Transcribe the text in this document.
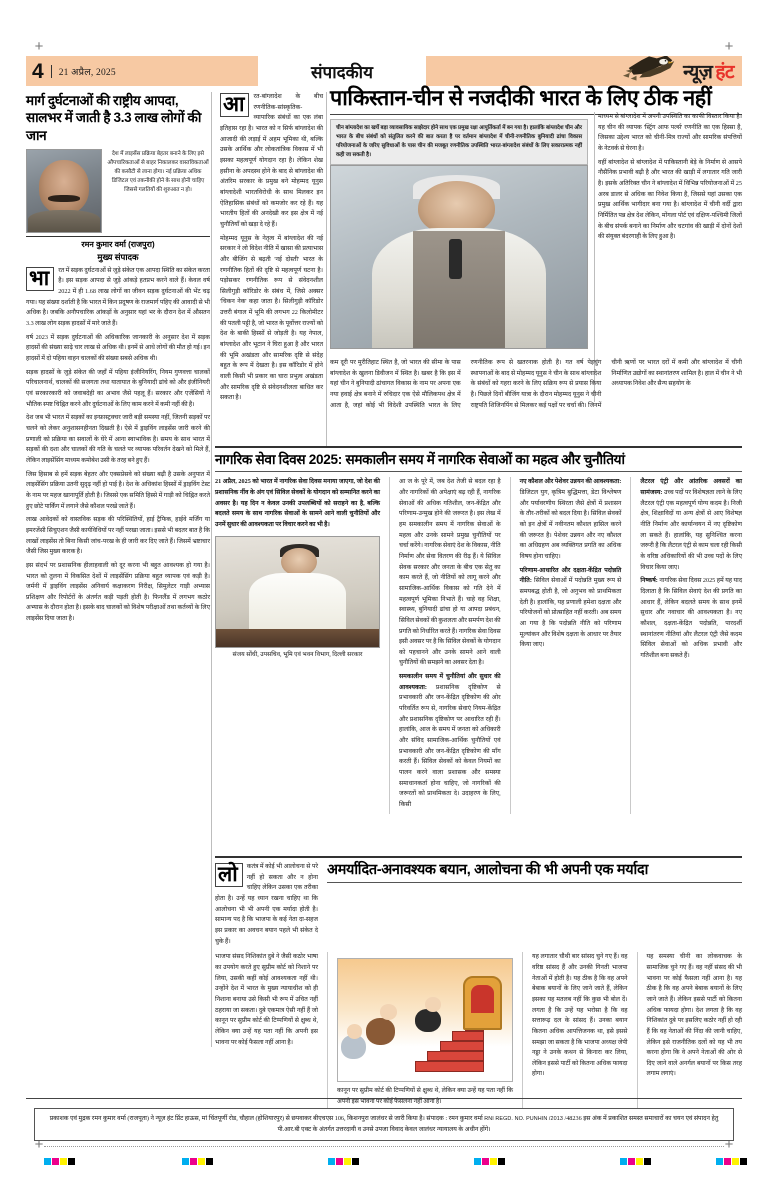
+	+
+	+
4	21 अप्रैल, 2025	संपादकीय	न्यूज़ हंट
मार्ग दुर्घटनाओं की राष्ट्रीय आपदा, सालभर में जाती है 3.3 लाख लोगों की जान
देश में लाइसेंस प्रक्रिया बेहतर बनाने के लिए इसे औपचारिकताओं से बाहर निकालकर वास्तविकताओं की कसौटी से लाना होगा। नई प्रक्रिया अधिक डिजिटल एवं तकनीकी होने के साथ होनी चाहिए जिससे गलतियों की शुरुआत न हो।
रमन कुमार वर्मा (राजपुरा)
मुख्य संपादक
भा	रत में सड़क दुर्घटनाओं से जुड़े संकेत एक आपदा स्थिति का संकेत करता है। इस सड़क आपदा से जुड़े आंकड़े हतप्रभ करने वाले हैं। केवल वर्ष 2022 में ही 1.68 लाख लोगों का जीवन सड़क दुर्घटनाओं की भेंट चढ़ गया। यह संख्या दर्शाती है कि भारत में किन प्रदूषण के राजमार्ग पहिए की आवादी से भी अधिक है। जबकि अनौपचारिक आंकड़ों के अनुसार यहां भर के दौरान देश में औसतन 3.3 लाख लोग सड़क हादसों में मारे जाते हैं।

वर्ष 2023 में सड़क दुर्घटनाओं की अधिकारिक जानकारी के अनुसार देश में सड़क हादसों की संख्या साढ़े चार लाख से अधिक थी। इनमें से आधे लोगों की मौत हो गई। इन हादसों में दो पहिया वाहन चालकों की संख्या सबसे अधिक थी।

सड़क हादसों के जुड़े संकेत की जहाँ में पहिया इंजीनियरिंग, नियम गुणवत्ता चालकों परिचालनार्थ, चालकों की सजगता तथा यातायात के बुनियादी ढांचे को और इंजीनियरी एवं सरकारकारी को जवाबदेही का अभाव जैसे पहलू हैं। सरकार और एजेंसियों ने भौतिक स्पष्ट चिह्नित करने और दुर्घटनाओं के लिए काम करने में कमी नहीं की है।

देश जब भी भारत में सड़कों का इन्फ्रास्ट्रक्चर जारी बड़ी समस्या नहीं, जितनी सड़कों पर चलने को लेकर अनुशासनहीनता दिखती है। ऐसे में ड्राइविंग लाइसेंस जारी करने की प्रणाली को प्रक्रिया का सवालों के घेरे में आना स्वाभाविक है। समय के साथ भारत में सड़कों की दशा और चालकों की गति के चलते पर व्यापक परिवर्तन देखने को मिले हैं, लेकिन लाइसेंसिंग माध्यम कमोबेश उसी के तरह बने हुए हैं।

जिस हिसाब से हमें सड़क बेहतर और एक्सप्रेसवे को संख्या बढ़ी है उसके अनुपात में लाइसेंसिंग प्रक्रिया उतनी सुदृढ़ नहीं हो पाई है। देश के अधिकांश हिस्सों में ड्राइविंग टेस्ट के नाम पर महज खानापूर्ति होती है। जिससे एक समिति हिस्से में गाड़ी को चिह्नित करते हुए छोटे पार्किंग में लगाने जैसे कौशल परखे जाते हैं।

लाख आवेदकों को वास्तविक सड़क की परिस्थितियों, हाई ट्रैफिक, हाईवे मर्जिंग या इमरजेंसी सिचुएशन जैसी कार्यविधियों पर नहीं परखा जाता। इससे भी बदतर बात है कि लाखों लाइसेंस तो बिना किसी जांच-परख के ही जारी कर दिए जाते हैं। जिसमें भ्रष्टाचार जैसी जिस मुख्य कारक है।

इस संदर्भ पर प्रशासनिक हीलाहवाली को दूर करना भी बहुत आवश्यक हो गया है। भारत को तुलना में विकसित देशों में लाइसेंसिंग प्रक्रिया बहुत व्यापक एवं कड़ी है। जर्मनी में ड्राइविंग लाइसेंस अनिवार्य कक्षाकरण निरीक्ष, सिमुलेटर गाड़ी अभ्यास प्रशिक्षण और रिपोर्टरों के अंतर्गत कड़ी पड़ती होती है। फिनलैंड में लगभग कठोर अभ्यास के दौरान होता है। इसके बाद चालकों को विशेष परीक्षाओं तथा कर्तव्यों के लिए लाइसेंस दिया जाता है।

आ	रत-बांग्लादेश के बीच रणनीतिक-सांस्कृतिक-व्यापारिक संबंधों का एक लंबा इतिहास रहा है। भारत को न सिर्फ बांग्लादेश की आजादी की लड़ाई में अहम भूमिका थी, बल्कि उसके आर्थिक और लोकतांत्रिक विकास में भी इसका महत्वपूर्ण योगदान रहा है। लेकिन शेख हसीना के अपदस्थ होने के बाद से बांग्लादेश की अंतरिम सरकार के प्रमुख बने मोहम्मद यूनुस बांग्लादेशी भारतविरोधी के साथ मिलकर इन ऐतिहासिक संबंधों को कमजोर कर रहे हैं। यह भारतीय हितों की अनदेखी कर इस क्षेत्र में नई चुनौतियाँ को खड़ा दे रहे हैं।

मोहम्मद यूनुस के नेतृत्व में बांग्लादेश की नई सरकार ने लो विदेश नीति में खासा की प्रत्याभास और बीजिंग से बढ़ती 'नई दोस्ती' भारत के रणनीतिक हितों की दृष्टि से महत्वपूर्ण घटना है। पड़ोसकर रणनीतिक रूप से संवेदनशील सिलीगुड़ी कॉरिडोर के संबंध में, जिसे अक्सर 'चिकन नेक' कहा जाता है। सिलीगुड़ी कॉरिडोर उत्तरी बंगाल में भूमि की लगभग 22 किलोमीटर की पतली पट्टी है, जो भारत के पूर्वोत्तर राज्यों को देश के बाकी हिस्सों से जोड़ती है। यह नेपाल, बांग्लादेश और भूटान ने घिरा हुआ है और भारत की भूमि अखंडता और सामरिक दृष्टि से संदेह बहुत के रूप में देखता है। इस कॉरिडोर में होने वाली किसी भी प्रकार का चारा प्रभुत्व अखंडता और सामरिक दृष्टि से संवेदनशीलता बाधित कर सकता है।

पाकिस्तान-चीन से नजदीकी भारत के लिए ठीक नहीं
चीन बांग्लादेश का खर्चे बड़ा व्यावसायिक साझेदार होने साथ एक प्रमुख रक्षा आपूर्तिकर्ता में बन गया है। हालांकि बांग्लादेश चीन और भारत के बीच संबंधों को संतुलित करने की बात करता है पर वर्तमान बांग्लादेश में चीनी-रणनीतिक बुनियादी ढांचा विकास परियोजनाओं के जरिए सुविधाओं के पास चीन की मजबूत रणनीतिक उपस्थिति भारत-बांग्लादेश संबंधों के लिए सकारात्मक नहीं कही जा सकती है।

माध्यम से बांग्लादेश में अपनी उपस्थिति का काफी विस्तार किया है। यह चीन की व्यापक 'स्ट्रिंग आफ पर्ल्स' रणनीति का एक हिस्सा है, जिसका उद्देश्य भारत को चीनी-मित्र राज्यों और सामरिक संपत्तियों के नेटवर्क से घेरना है।

वहीं बांग्लादेश से बांग्लादेश में पाकिस्तानी बेड़े के निर्माण से आसपे नौसैनिक प्रभावी बढ़ी है और भारत की खाड़ी में लगातार गति जारी है। इसके अतिरिक्त चीन ने बांग्लादेश में विभिन्न परियोजनाओं में 25 अरब डालर से अधिक का निवेश किया है, जिससे यहां उसका एक प्रमुख आर्थिक भागीदार बना गया है। बांग्लादेश में चीनी वर्दी द्वारा निर्मितित पन्न क्षेत्र देश लेकिन, मोंगला पोर्ट एवं दक्षिण-पश्चिमी जिलों के बीच संपर्क बनाने का निर्माण और चटगांव की खाड़ी में दोनों देशों की संयुक्त बंदरगाही के लिए हुआ है।

कम दूरी पर मुरीतिहाट स्थित है, जो भारत की सीमा के पास बांग्लादेश के खुलना डिवीजन में स्थित है। खबर है कि इस में यहां चीन ने बुनियादी ढांचागत विकास के नाम पर अपना एक नया हवाई क्षेत्र बनाने में रुचिदार एक ऐसे मौलिकपथ क्षेत्र में आता है, जहां कोई भी विदेशी उपस्थिति भारत के लिए रणनीतिक रूप से खतरनाक होती है। गत वर्ष पेइचुंग स्थापनाओं के बाद से मोहम्मद यूनुस ने चीन के साथ बांग्लादेश के संबंधों को गहरा करने के लिए सक्रिय रूप से प्रयास किया है। पिछले दिनों बीजिंग यात्रा के दौरान मोहम्मद यूनुस ने चीनी राष्ट्रपति शिजिनपिंग से मिलकर कई पक्षों पर चर्चा की। जिनमें चीनी ऋणों पर भारत दरों में कमी और बांग्लादेश में चीनी निर्माणित उद्योगों का स्थानांतरण शामिल है। हाल में चीन ने भी अध्यापक निवेश और सैन्य सहयोग के

नागरिक सेवा दिवस 2025: समकालीन समय में नागरिक सेवाओं का महत्व और चुनौतियां
21 अप्रैल, 2025 को भारत में नागरिक सेवा दिवस मनाया जाएगा, जो देश की प्रशासनिक नींव के अंग एवं सिविल सेवकों के योगदान को सम्मानित करने का अवसर है। यह दिन न केवल उनकी उपलब्धियों को सराहने का है, बल्कि बदलते समय के साथ नागरिक सेवाओं के सामने आने वाली चुनौतियों और उनमें सुधार की आवश्यकता पर विचार करने का भी है।
संजय सोंधी, उपसचिव, भूमि एवं भवन विभाग, दिल्ली सरकार

आ ज के पूरे में, जब देश तेजी से बदल रहा है और नागरिकों की अपेक्षाएं बढ़ रही हैं, नागरिक सेवाओं की अधिक गतिशील, जन-केंद्रित और परिणाम-उन्मुख होने की जरूरत है। इस लेख में हम समकालीन समय में नागरिक सेवाओं के महत्व और उनके सामने प्रमुख चुनौतियों पर चर्चा करेंगे। नागरिक सेवाएं देश के विकास, नीति निर्माण और सेवा वितरण की रीढ़ हैं। ये सिविल सेवक सरकार और जनता के बीच एक सेतु का काम करते हैं, जो नीतियों को लागू करने और सामाजिक-आर्थिक विकास को गति देने में महत्वपूर्ण भूमिका निभाते हैं। चाहे वह शिक्षा, स्वास्थ्य, बुनियादी ढांचा हो या आपदा प्रबंधन, सिविल सेवकों की कुशलता और समर्पण देश की प्रगति को निर्धारित करते हैं। नागरिक सेवा दिवस इसी अवसर पर है कि सिविल सेवकों के योगदान को पहचानने और उनके सामने आने वाली चुनौतियों की समझने का अवसर देता है।

समकालीन समय में चुनौतियां और सुधार की आवश्यकता: प्रशासनिक दृष्टिकोण से प्रभावकारी और जन-केंद्रित दृष्टिकोण की ओर परिवर्तित रूप से, नागरिक सेवाएं नियम-केंद्रित और प्रशासनिक दृष्टिकोण पर आधारित रही हैं। हालांकि, आज के समय में जनता को अधिकारी और संविद सामाजिक-आर्थिक चुनौतियों एवं प्रभावकारी और जन-केंद्रित दृष्टिकोण की माँग करती हैं। सिविल सेवकों को केवल नियमों का पालन करने वाला प्रशासक और समस्या समाधानकर्ता होना चाहिए, जो नागरिकों की जरूरतों को प्राथमिकता दे। उदाहरण के लिए, किसी

नए कौशल और पेशेवर उन्नयन की आवश्यकता: डिजिटल युग, कृत्रिम बुद्धिमत्ता, डेटा विश्लेषण और पर्यावरणीय स्थिरता जैसे क्षेत्रों में प्रशासन के तौर-तरीकों को बदल दिया है। सिविल सेवकों को इन क्षेत्रों में नवीनतम कौशल हासिल करने की जरूरत है। पेशेवर उन्नयन और नए कौशल का अधिग्रहण अब व्यक्तिगत प्रगति का अधिक विषय होना चाहिए।

परिणाम-आधारित और दक्षता-केंद्रित पदोन्नति नीति: सिविल सेवाओं में पदोन्नति मुख्य रूप से समयबद्ध होती है, जो अनुभव को प्राथमिकता देती है। हालांकि, यह प्रणाली हमेशा दक्षता और परियोजनों को प्रोत्साहित नहीं करती। अब समय आ गया है कि पदोन्नति नीति को परिणाम मूल्यांकन और विशेष दक्षता के आधार पर तैयार किया जाए।

लैटरल एंट्री और आंतरिक अवसरों का सामंजस्य: उच्च पदों पर विशेषज्ञता लाने के लिए लैटरल एंट्री एक महत्वपूर्ण योग्य कदम है। निजी क्षेत्र, शिक्षाविदों या अन्य क्षेत्रों से आए विशेषज्ञ नीति निर्माण और कार्यान्वयन में नए दृष्टिकोण ला सकते हैं। हालांकि, यह सुनिश्चित करना जरूरी है कि लैटरल एंट्री से काम चला रही किसी के वरिष्ठ अधिकारियों की भी उच्च पदों के लिए विचार किया जाए।

निष्कर्ष: नागरिक सेवा दिवस 2025 हमें यह याद दिलाता है कि सिविल सेवाएं देश की प्रगति का आधार हैं, लेकिन बदलते समय के साथ इनमें सुधार और नवाचार की आवश्यकता है। नए कौशल, दक्षता-केंद्रित पदोन्नति, पारदर्शी स्थानांतरण नीतियां और लैटरल एंट्री जैसे कदम सिविल सेवाओं को अधिक प्रभावी और गतिशील बना सकते हैं।

लो	कतंत्र में कोई भी आलोचना से परे नहीं हो सकता और न होना चाहिए लेकिन उसका एक तरीका होता है। उन्हें यह ध्यान रखना चाहिए था कि आलोचना भी भी अपनी एक मर्यादा होती है। सामान्य पद है कि भाजपा के कई नेता दा-सहज इस प्रकार का अवचन बयान पहले भी संकेत दे चुके हैं।
अमर्यादित-अनावश्यक बयान, आलोचना की भी अपनी एक मर्यादा

भाजपा संसद निशिकांत दुबे ने जैसी कठोर भाषा का उपयोग करते हुए सुप्रीम कोर्ट को निशाने पर लिया, उसकी कहीं कोई आवश्यकता नहीं थी। उन्होंने देश में भारत के मुख्य न्यायाधीश को ही निशाना बनाया उसे किसी भी रूप में उचित नहीं ठहराया जा सकता। दुबे एकमात्र ऐसी नहीं हैं जो कानून पर सुप्रीम कोर्ट की टिप्पणियों से क्षुब्ध थे, लेकिन क्या उन्हें यह पता नहीं कि अपनी इस भावना पर कोई फैसला नहीं आना है।

कानून पर सुप्रीम कोर्ट की टिप्पणियों से क्षुब्ध थे, लेकिन क्या उन्हें यह पता नहीं कि अपनी इस भावना पर कोई फैसलना नहीं आना है।

यह लगातार चौथी बार सांसद चुने गए हैं। वह वरिष्ठ सांसद हैं और उनकी गिनती भाजपा नेताओं में होती है। यह ठीक है कि वह अपने बेबाक बयानों के लिए जाने जाते हैं, लेकिन इसका यह मतलब नहीं कि कुछ भी बोल दें। लगता है कि उन्हें यह भरोसा है कि वह सत्तारूढ़ दल के सांसद हैं। उनका बयान कितना अधिक आपत्तिजनक था, इसे इससे समझा जा सकता है कि भाजपा अध्यक्ष जेपी नड्डा ने उनके कथन से किनारा कर लिया, लेकिन इससे पार्टी को कितना अधिक फायदा होगा।

यह समस्या चीनी का लोकवाचक के सामाजिक चुने गए हैं। वह नहीं संसद की भी भावना पर कोई फैसला नहीं आना है। यह ठीक है कि वह अपने बेबाक बयानों के लिए जाने जाते हैं। लेकिन इससे पार्टी को कितना अधिक फायदा होगा। देश लगता है कि वह निशिकांत दुबे पर इसलिए कठोर नहीं हो रही हैं कि वह नेताओं की निंदा की जानी चाहिए, लेकिन इसे राजनीतिक दलों को यह भी तय करना होगा कि वे अपने नेताओं की ओर से दिए जाने वाले अनर्गल बयानों पर किस तरह लगाम लगाएं।

प्रकाशक एवं मुद्रक रमन कुमार वर्मा (राजपूता) ने न्यूज़ हंट प्रिंट हाऊस, मां चिंतपूर्णी रोड, चौहाल (होशियारपुर) से छपवाकर बीएचएस 106, किशनपुरा जालंधर से जारी किया है। संपादक : रमन कुमार वर्मा RNI REGD. NO. PUNHIN /2013 /48236 इस अंक में प्रकाशित समस्त समाचारों का चयन एवं संपादन हेतु पी.आर.बी एक्ट के अंतर्गत उत्तरदायी व उनसे उपजा विवाद केवल जालंधर न्यायालय के अधीन होंगे।
